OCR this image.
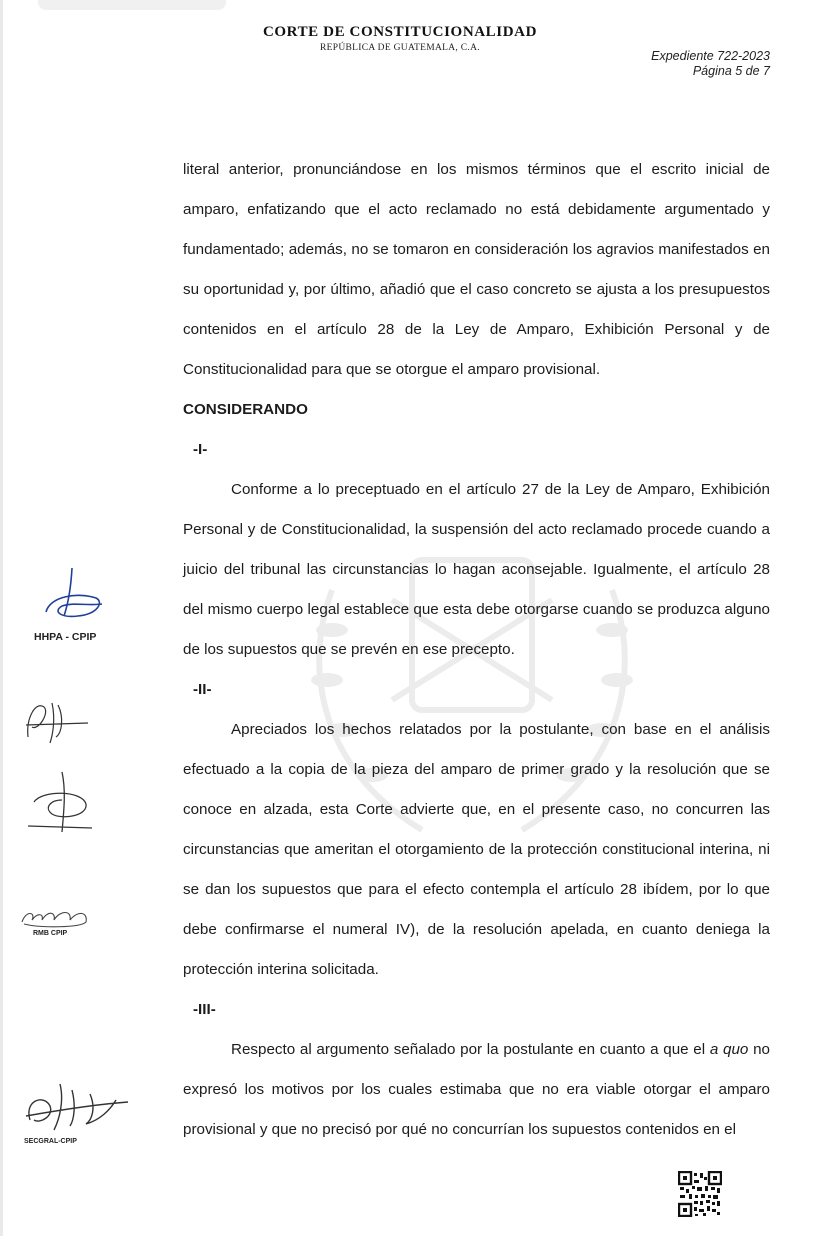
CORTE DE CONSTITUCIONALIDAD
REPÚBLICA DE GUATEMALA, C.A.
Expediente 722-2023
Página 5 de 7

literal anterior, pronunciándose en los mismos términos que el escrito inicial de amparo, enfatizando que el acto reclamado no está debidamente argumentado y fundamentado; además, no se tomaron en consideración los agravios manifestados en su oportunidad y, por último, añadió que el caso concreto se ajusta a los presupuestos contenidos en el artículo 28 de la Ley de Amparo, Exhibición Personal y de Constitucionalidad para que se otorgue el amparo provisional.

CONSIDERANDO

-I-

Conforme a lo preceptuado en el artículo 27 de la Ley de Amparo, Exhibición Personal y de Constitucionalidad, la suspensión del acto reclamado procede cuando a juicio del tribunal las circunstancias lo hagan aconsejable. Igualmente, el artículo 28 del mismo cuerpo legal establece que esta debe otorgarse cuando se produzca alguno de los supuestos que se prevén en ese precepto.

-II-

Apreciados los hechos relatados por la postulante, con base en el análisis efectuado a la copia de la pieza del amparo de primer grado y la resolución que se conoce en alzada, esta Corte advierte que, en el presente caso, no concurren las circunstancias que ameritan el otorgamiento de la protección constitucional interina, ni se dan los supuestos que para el efecto contempla el artículo 28 ibídem, por lo que debe confirmarse el numeral IV), de la resolución apelada, en cuanto deniega la protección interina solicitada.

-III-

Respecto al argumento señalado por la postulante en cuanto a que el a quo no expresó los motivos por los cuales estimaba que no era viable otorgar el amparo provisional y que no precisó por qué no concurrían los supuestos contenidos en el

HHPA - CPIP
RMB CPIP
SECGRAL-CPIP
